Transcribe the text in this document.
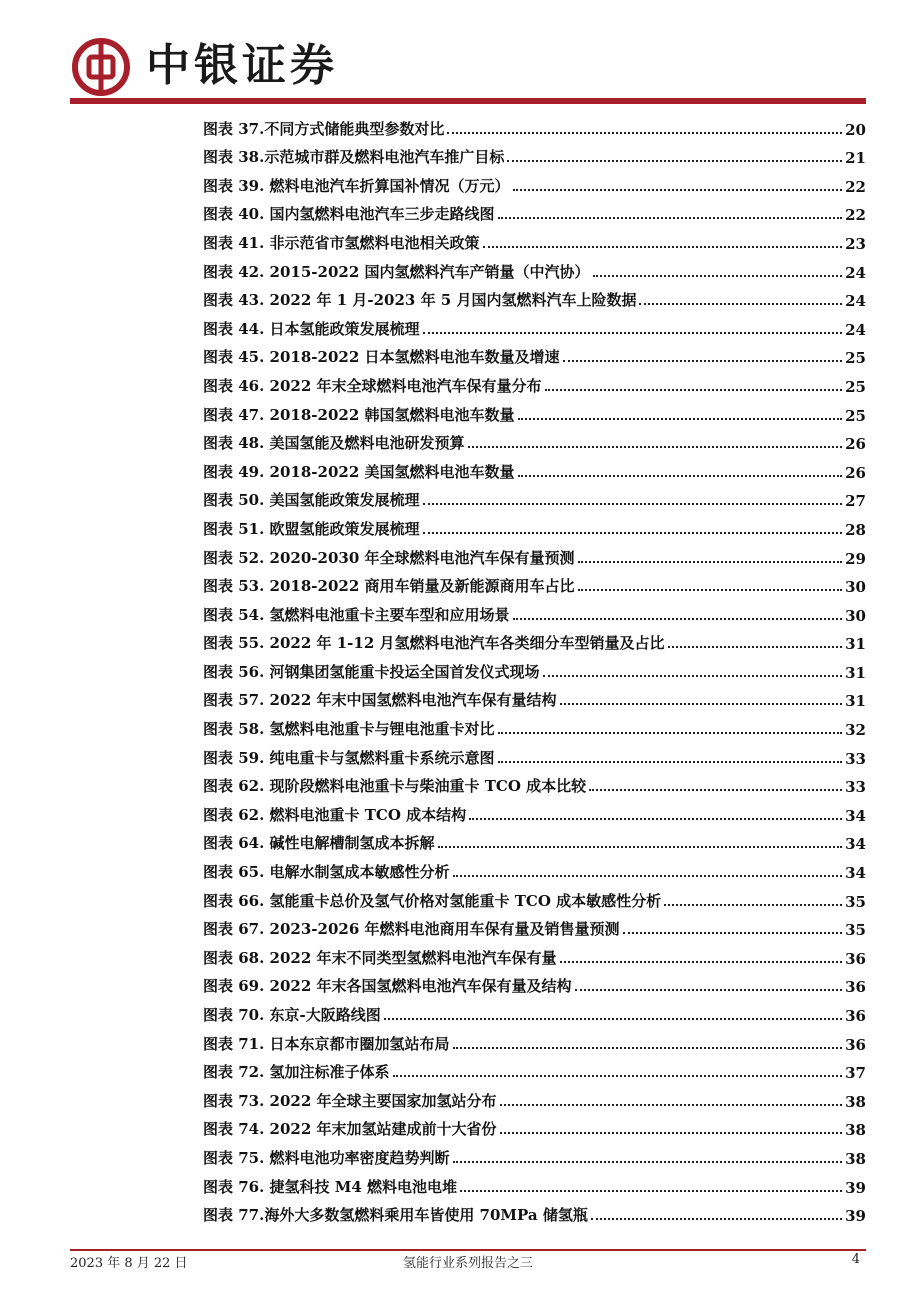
中银证券
图表 37.不同方式储能典型参数对比	20
图表 38.示范城市群及燃料电池汽车推广目标	21
图表 39. 燃料电池汽车折算国补情况（万元）	22
图表 40. 国内氢燃料电池汽车三步走路线图	22
图表 41. 非示范省市氢燃料电池相关政策	23
图表 42. 2015-2022 国内氢燃料汽车产销量（中汽协）	24
图表 43. 2022 年 1 月-2023 年 5 月国内氢燃料汽车上险数据	24
图表 44. 日本氢能政策发展梳理	24
图表 45. 2018-2022 日本氢燃料电池车数量及增速	25
图表 46. 2022 年末全球燃料电池汽车保有量分布	25
图表 47. 2018-2022 韩国氢燃料电池车数量	25
图表 48. 美国氢能及燃料电池研发预算	26
图表 49. 2018-2022 美国氢燃料电池车数量	26
图表 50. 美国氢能政策发展梳理	27
图表 51. 欧盟氢能政策发展梳理	28
图表 52. 2020-2030 年全球燃料电池汽车保有量预测	29
图表 53. 2018-2022 商用车销量及新能源商用车占比	30
图表 54. 氢燃料电池重卡主要车型和应用场景	30
图表 55. 2022 年 1-12 月氢燃料电池汽车各类细分车型销量及占比	31
图表 56. 河钢集团氢能重卡投运全国首发仪式现场	31
图表 57. 2022 年末中国氢燃料电池汽车保有量结构	31
图表 58. 氢燃料电池重卡与锂电池重卡对比	32
图表 59. 纯电重卡与氢燃料重卡系统示意图	33
图表 62. 现阶段燃料电池重卡与柴油重卡 TCO 成本比较	33
图表 62. 燃料电池重卡 TCO 成本结构	34
图表 64. 碱性电解槽制氢成本拆解	34
图表 65. 电解水制氢成本敏感性分析	34
图表 66. 氢能重卡总价及氢气价格对氢能重卡 TCO 成本敏感性分析	35
图表 67. 2023-2026 年燃料电池商用车保有量及销售量预测	35
图表 68. 2022 年末不同类型氢燃料电池汽车保有量	36
图表 69. 2022 年末各国氢燃料电池汽车保有量及结构	36
图表 70. 东京-大阪路线图	36
图表 71. 日本东京都市圈加氢站布局	36
图表 72. 氢加注标准子体系	37
图表 73. 2022 年全球主要国家加氢站分布	38
图表 74. 2022 年末加氢站建成前十大省份	38
图表 75. 燃料电池功率密度趋势判断	38
图表 76. 捷氢科技 M4 燃料电池电堆	39
图表 77.海外大多数氢燃料乘用车皆使用 70MPa 储氢瓶	39
2023 年 8 月 22 日	氢能行业系列报告之三	4
